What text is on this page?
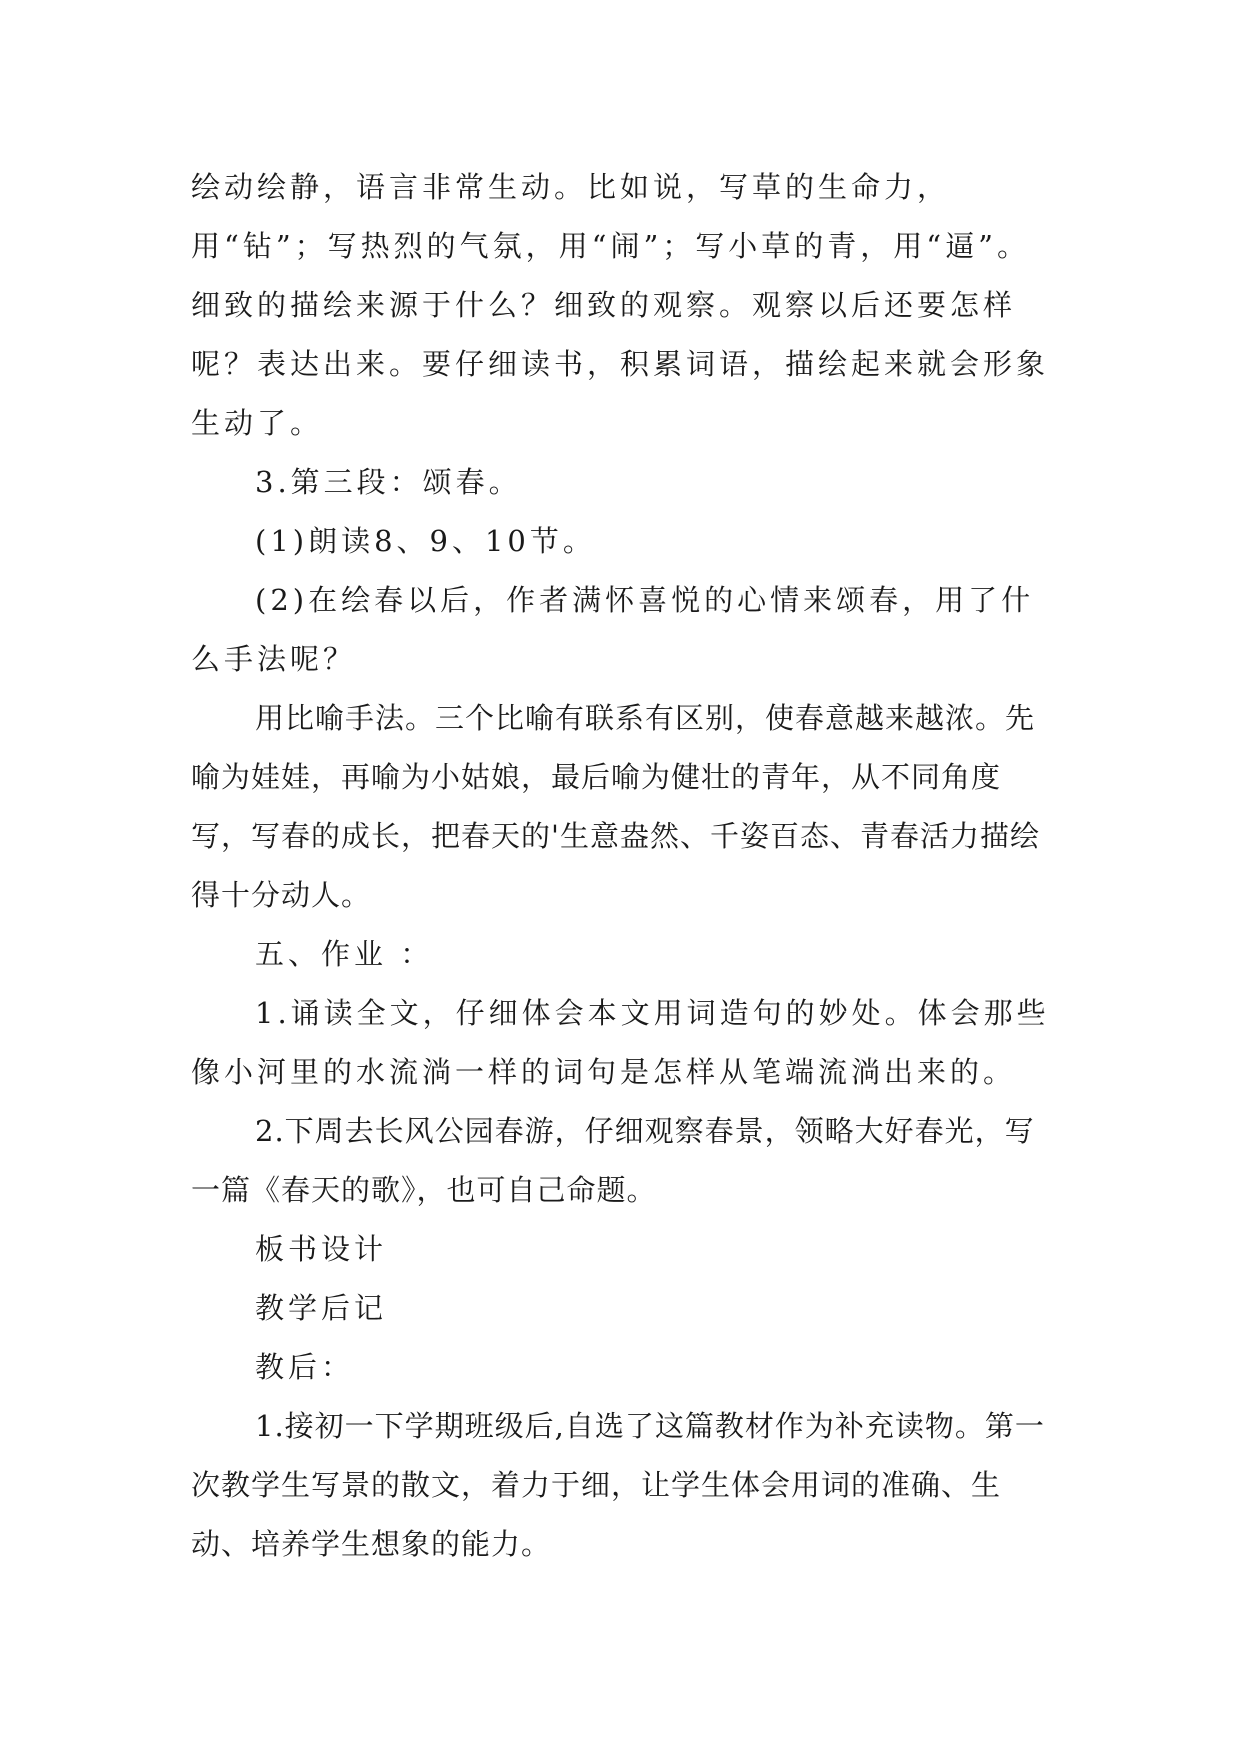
绘动绘静，语言非常生动。比如说，写草的生命力，用“钻”；写热烈的气氛，用“闹”；写小草的青，用“逼”。细致的描绘来源于什么？细致的观察。观察以后还要怎样呢？表达出来。要仔细读书，积累词语，描绘起来就会形象生动了。

3.第三段：颂春。

(1)朗读8、9、10节。

(2)在绘春以后，作者满怀喜悦的心情来颂春，用了什么手法呢？

用比喻手法。三个比喻有联系有区别，使春意越来越浓。先喻为娃娃，再喻为小姑娘，最后喻为健壮的青年，从不同角度写，写春的成长，把春天的'生意盎然、千姿百态、青春活力描绘得十分动人。

五、作业 ：

1.诵读全文，仔细体会本文用词造句的妙处。体会那些像小河里的水流淌一样的词句是怎样从笔端流淌出来的。

2.下周去长风公园春游，仔细观察春景，领略大好春光，写一篇《春天的歌》，也可自己命题。

板书设计

教学后记

教后：

1.接初一下学期班级后,自选了这篇教材作为补充读物。第一次教学生写景的散文，着力于细，让学生体会用词的准确、生动、培养学生想象的能力。
